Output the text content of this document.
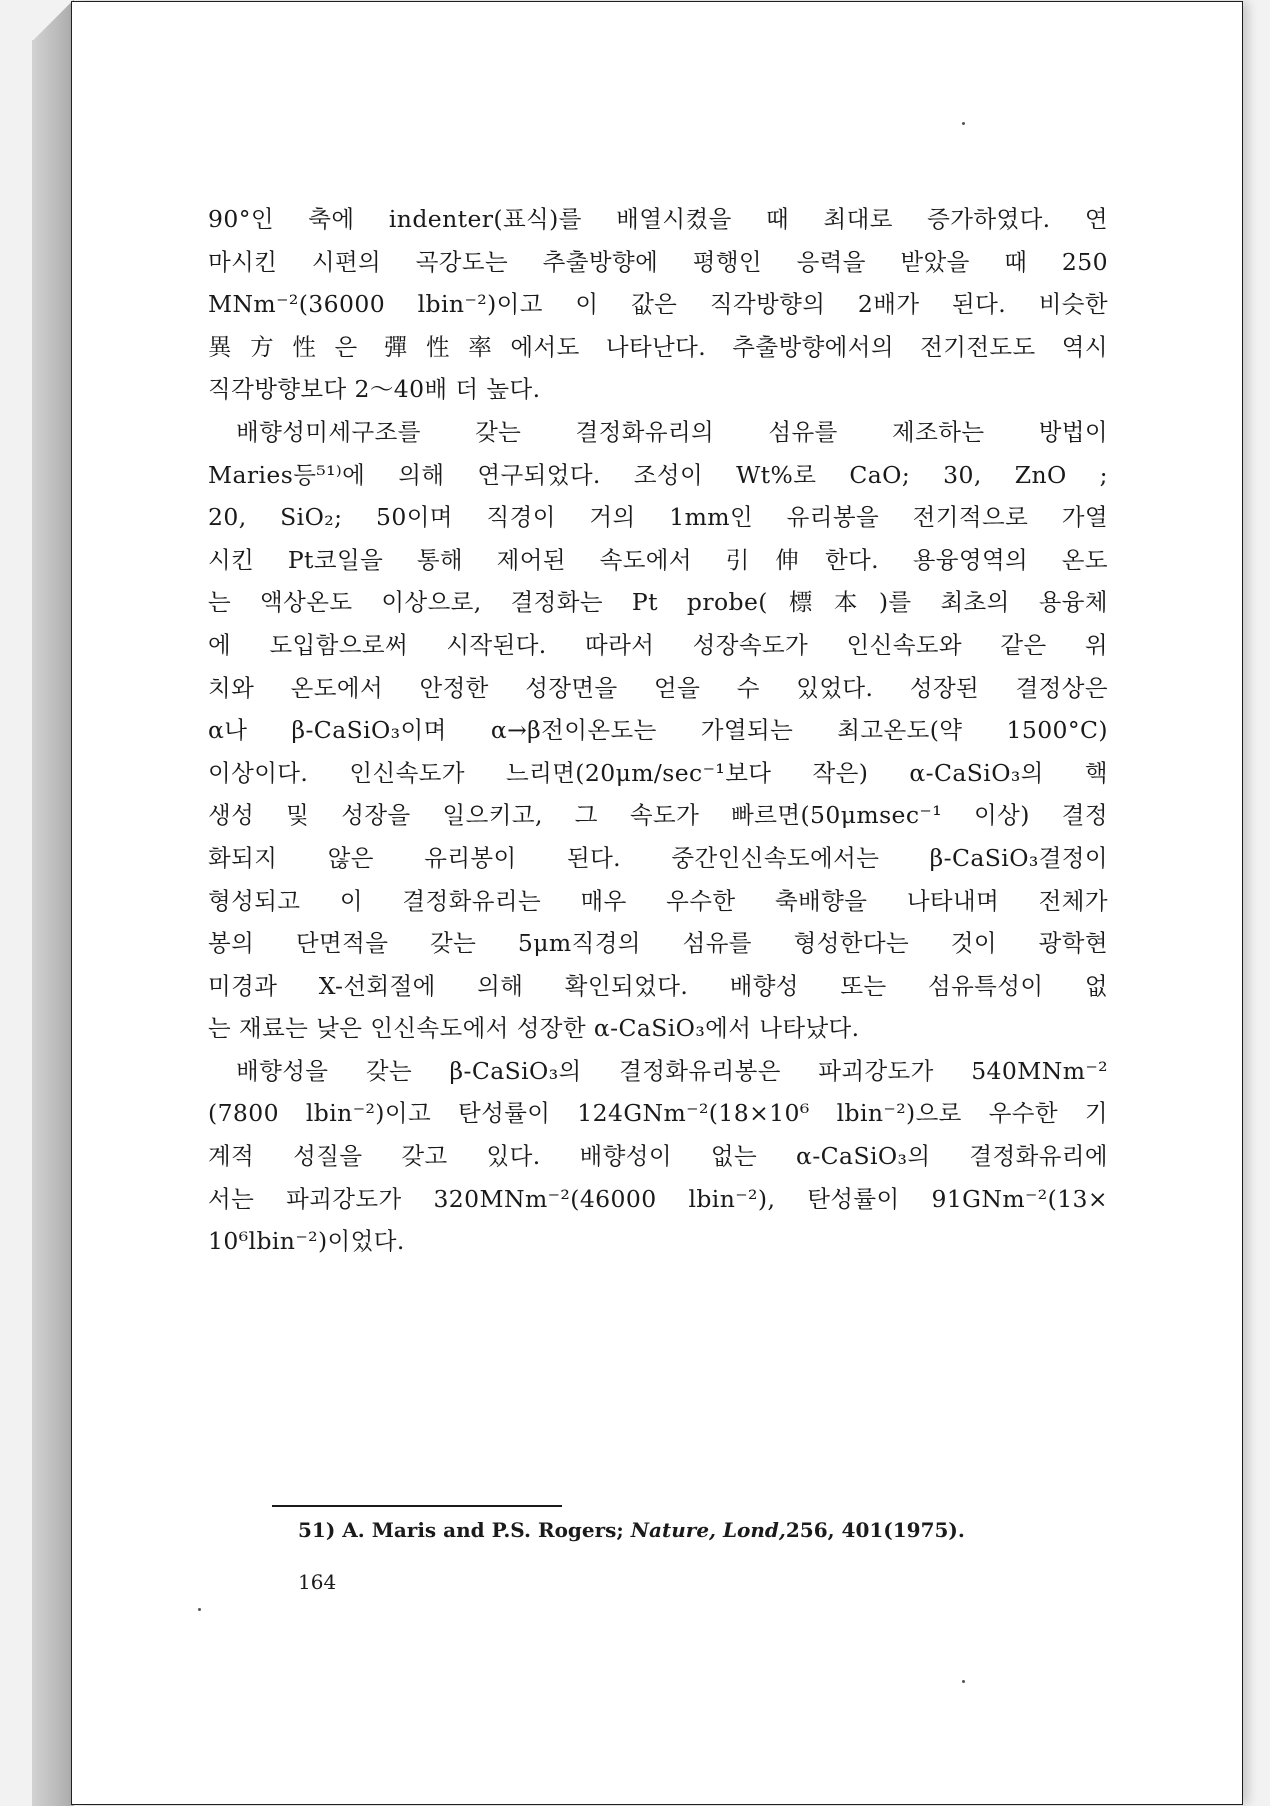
90°인 축에 indenter(표식)를 배열시켰을 때 최대로 증가하였다. 연
마시킨 시편의 곡강도는 추출방향에 평행인 응력을 받았을 때 250
MNm⁻²(36000 lbin⁻²)이고 이 값은 직각방향의 2배가 된다. 비슷한
異方性은 彈性率에서도 나타난다. 추출방향에서의 전기전도도 역시
직각방향보다 2～40배 더 높다.
배향성미세구조를 갖는 결정화유리의 섬유를 제조하는 방법이
Maries등⁵¹⁾에 의해 연구되었다. 조성이 Wt%로 CaO; 30, ZnO ;
20, SiO₂; 50이며 직경이 거의 1mm인 유리봉을 전기적으로 가열
시킨 Pt코일을 통해 제어된 속도에서 引伸한다. 용융영역의 온도
는 액상온도 이상으로, 결정화는 Pt probe(標本)를 최초의 용융체
에 도입함으로써 시작된다. 따라서 성장속도가 인신속도와 같은 위
치와 온도에서 안정한 성장면을 얻을 수 있었다. 성장된 결정상은
α나 β-CaSiO₃이며 α→β전이온도는 가열되는 최고온도(약 1500°C)
이상이다. 인신속도가 느리면(20μm/sec⁻¹보다 작은) α-CaSiO₃의 핵
생성 및 성장을 일으키고, 그 속도가 빠르면(50μmsec⁻¹ 이상) 결정
화되지 않은 유리봉이 된다. 중간인신속도에서는 β-CaSiO₃결정이
형성되고 이 결정화유리는 매우 우수한 축배향을 나타내며 전체가
봉의 단면적을 갖는 5μm직경의 섬유를 형성한다는 것이 광학현
미경과 X-선회절에 의해 확인되었다. 배향성 또는 섬유특성이 없
는 재료는 낮은 인신속도에서 성장한 α-CaSiO₃에서 나타났다.
배향성을 갖는 β-CaSiO₃의 결정화유리봉은 파괴강도가 540MNm⁻²
(7800 lbin⁻²)이고 탄성률이 124GNm⁻²(18×10⁶ lbin⁻²)으로 우수한 기
계적 성질을 갖고 있다. 배향성이 없는 α-CaSiO₃의 결정화유리에
서는 파괴강도가 320MNm⁻²(46000 lbin⁻²), 탄성률이 91GNm⁻²(13×
10⁶lbin⁻²)이었다.
51) A. Maris and P.S. Rogers; Nature, Lond,256, 401(1975).
164
